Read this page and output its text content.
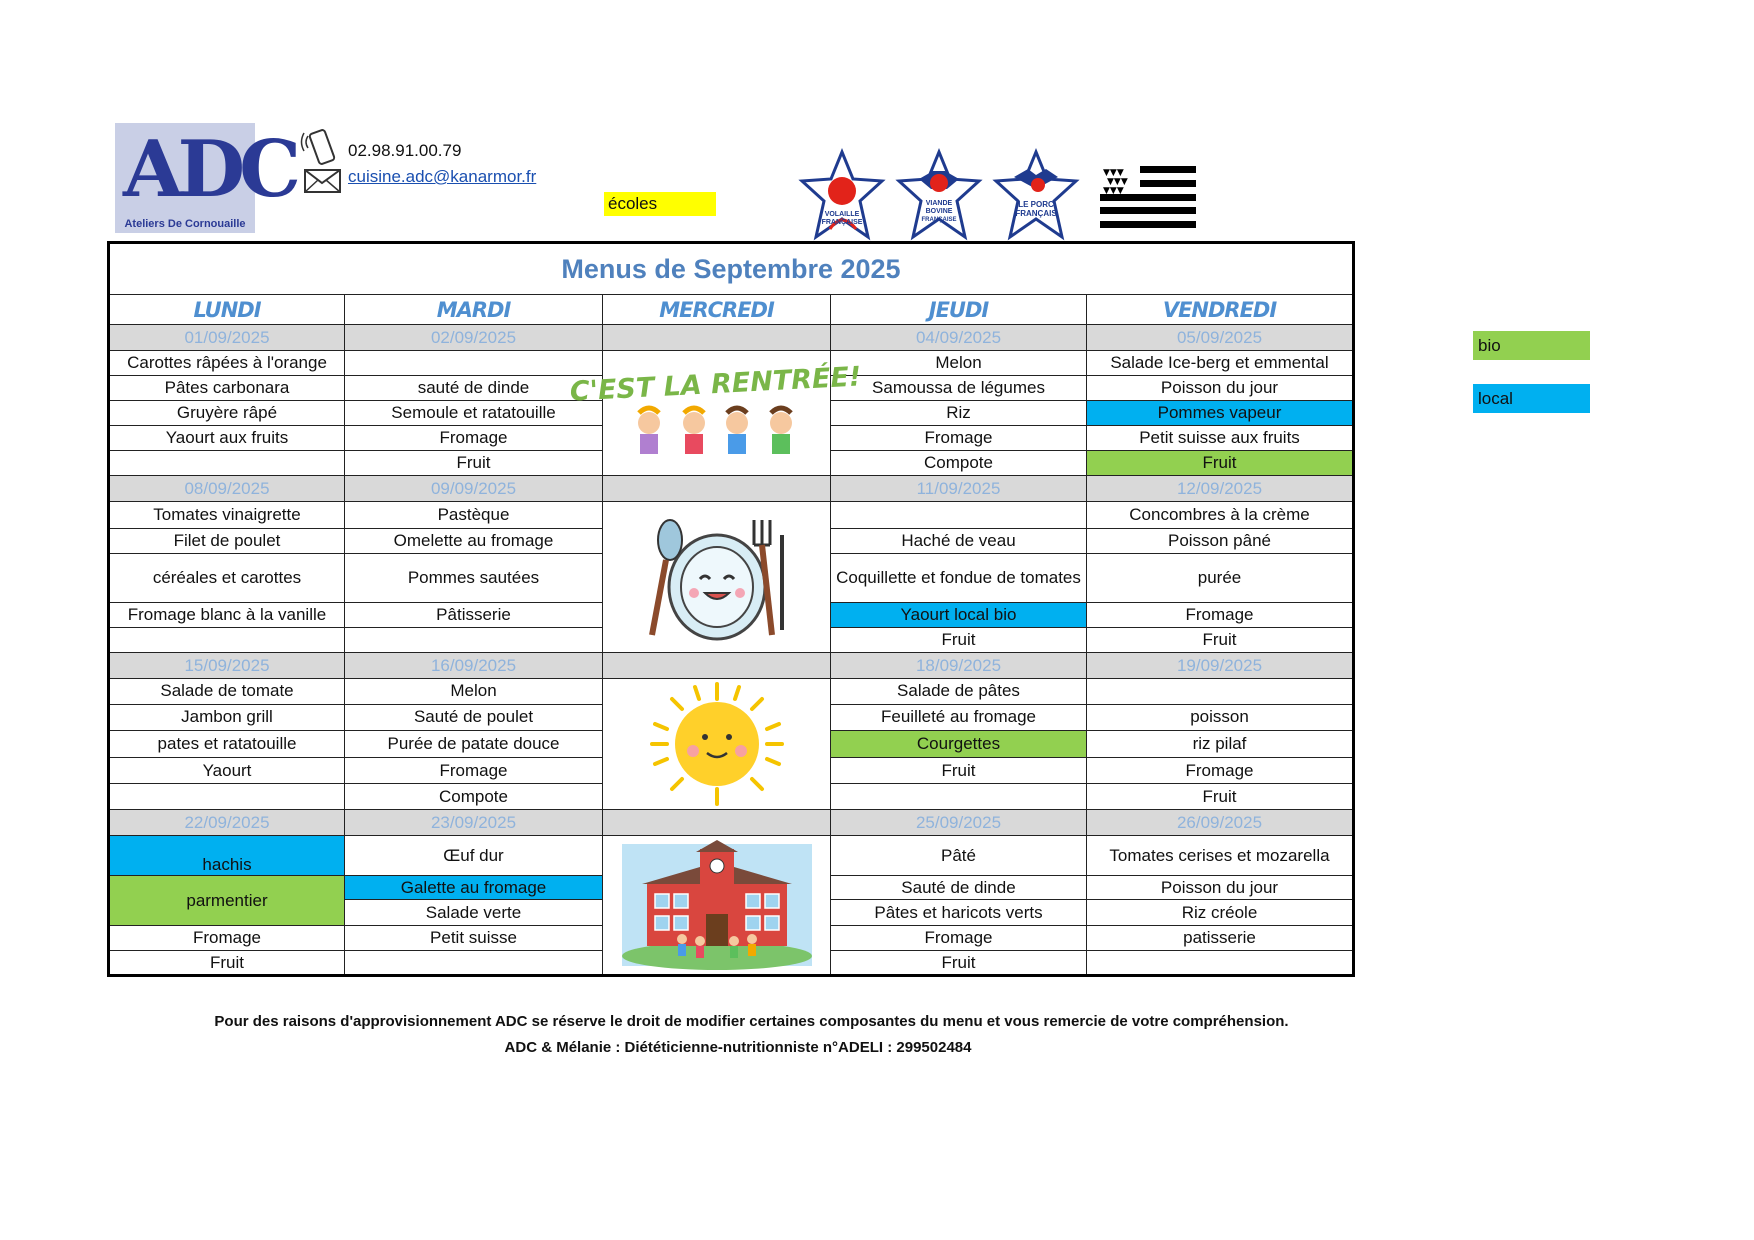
ADC
Ateliers De Cornouaille
02.98.91.00.79
cuisine.adc@kanarmor.fr
écoles
VOLAILLE
FRANÇAISE
VIANDE
BOVINE
FRANÇAISE
LE PORC
FRANÇAIS
▼▼▼
▼▼▼
▼▼▼
bio
local
Menus de Septembre 2025				
LUNDI	MARDI	MERCREDI	JEUDI	VENDREDI
01/09/2025	02/09/2025		04/09/2025	05/09/2025
Carottes râpées à l'orange		C'EST LA RENTRÉE!	Melon	Salade Ice-berg et emmental
Pâtes carbonara	sauté de dinde		Samoussa de légumes	Poisson du jour
Gruyère râpé	Semoule et ratatouille		Riz	Pommes vapeur
Yaourt aux fruits	Fromage		Fromage	Petit suisse aux fruits
	Fruit		Compote	Fruit
08/09/2025	09/09/2025		11/09/2025	12/09/2025
Tomates vinaigrette	Pastèque			Concombres à la crème
Filet de poulet	Omelette au fromage		Haché de veau	Poisson pâné
céréales et carottes	Pommes sautées		Coquillette et fondue de tomates	purée
Fromage blanc à la vanille	Pâtisserie		Yaourt local bio	Fromage
			Fruit	Fruit
15/09/2025	16/09/2025		18/09/2025	19/09/2025
Salade de tomate	Melon		Salade de pâtes	
Jambon grill	Sauté de poulet		Feuilleté au fromage	poisson
pates et ratatouille	Purée de patate douce		Courgettes	riz pilaf
Yaourt	Fromage		Fruit	Fromage
	Compote			Fruit
22/09/2025	23/09/2025		25/09/2025	26/09/2025
hachis	Œuf dur		Pâté	Tomates cerises et mozarella
parmentier	Galette au fromage		Sauté de dinde	Poisson du jour
	Salade verte		Pâtes et haricots verts	Riz créole
Fromage	Petit suisse		Fromage	patisserie
Fruit			Fruit	
Pour des raisons d'approvisionnement ADC se réserve le droit de modifier certaines composantes du menu et vous remercie de votre compréhension.
ADC & Mélanie : Diététicienne-nutritionniste n°ADELI : 299502484
